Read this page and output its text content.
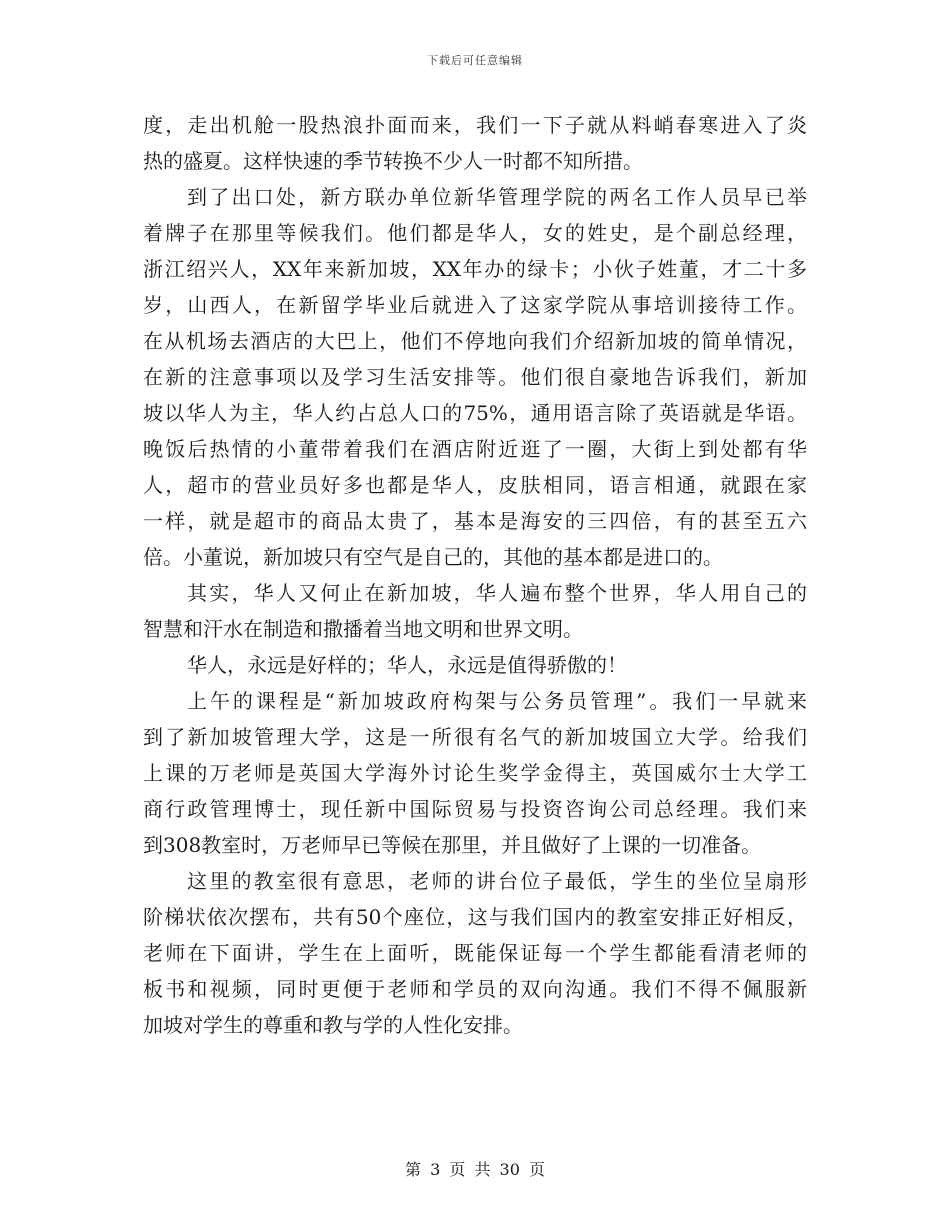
下载后可任意编辑
度，走出机舱一股热浪扑面而来，我们一下子就从料峭春寒进入了炎
热的盛夏。这样快速的季节转换不少人一时都不知所措。
到了出口处，新方联办单位新华管理学院的两名工作人员早已举
着牌子在那里等候我们。他们都是华人，女的姓史，是个副总经理，
浙江绍兴人，XX年来新加坡，XX年办的绿卡；小伙子姓董，才二十多
岁，山西人，在新留学毕业后就进入了这家学院从事培训接待工作。
在从机场去酒店的大巴上，他们不停地向我们介绍新加坡的简单情况，
在新的注意事项以及学习生活安排等。他们很自豪地告诉我们，新加
坡以华人为主，华人约占总人口的75%，通用语言除了英语就是华语。
晚饭后热情的小董带着我们在酒店附近逛了一圈，大街上到处都有华
人，超市的营业员好多也都是华人，皮肤相同，语言相通，就跟在家
一样，就是超市的商品太贵了，基本是海安的三四倍，有的甚至五六
倍。小董说，新加坡只有空气是自己的，其他的基本都是进口的。
其实，华人又何止在新加坡，华人遍布整个世界，华人用自己的
智慧和汗水在制造和撒播着当地文明和世界文明。
华人，永远是好样的；华人，永远是值得骄傲的！
上午的课程是“新加坡政府构架与公务员管理”。我们一早就来
到了新加坡管理大学，这是一所很有名气的新加坡国立大学。给我们
上课的万老师是英国大学海外讨论生奖学金得主，英国威尔士大学工
商行政管理博士，现任新中国际贸易与投资咨询公司总经理。我们来
到308教室时，万老师早已等候在那里，并且做好了上课的一切准备。
这里的教室很有意思，老师的讲台位子最低，学生的坐位呈扇形
阶梯状依次摆布，共有50个座位，这与我们国内的教室安排正好相反，
老师在下面讲，学生在上面听，既能保证每一个学生都能看清老师的
板书和视频，同时更便于老师和学员的双向沟通。我们不得不佩服新
加坡对学生的尊重和教与学的人性化安排。
第 3 页 共 30 页
